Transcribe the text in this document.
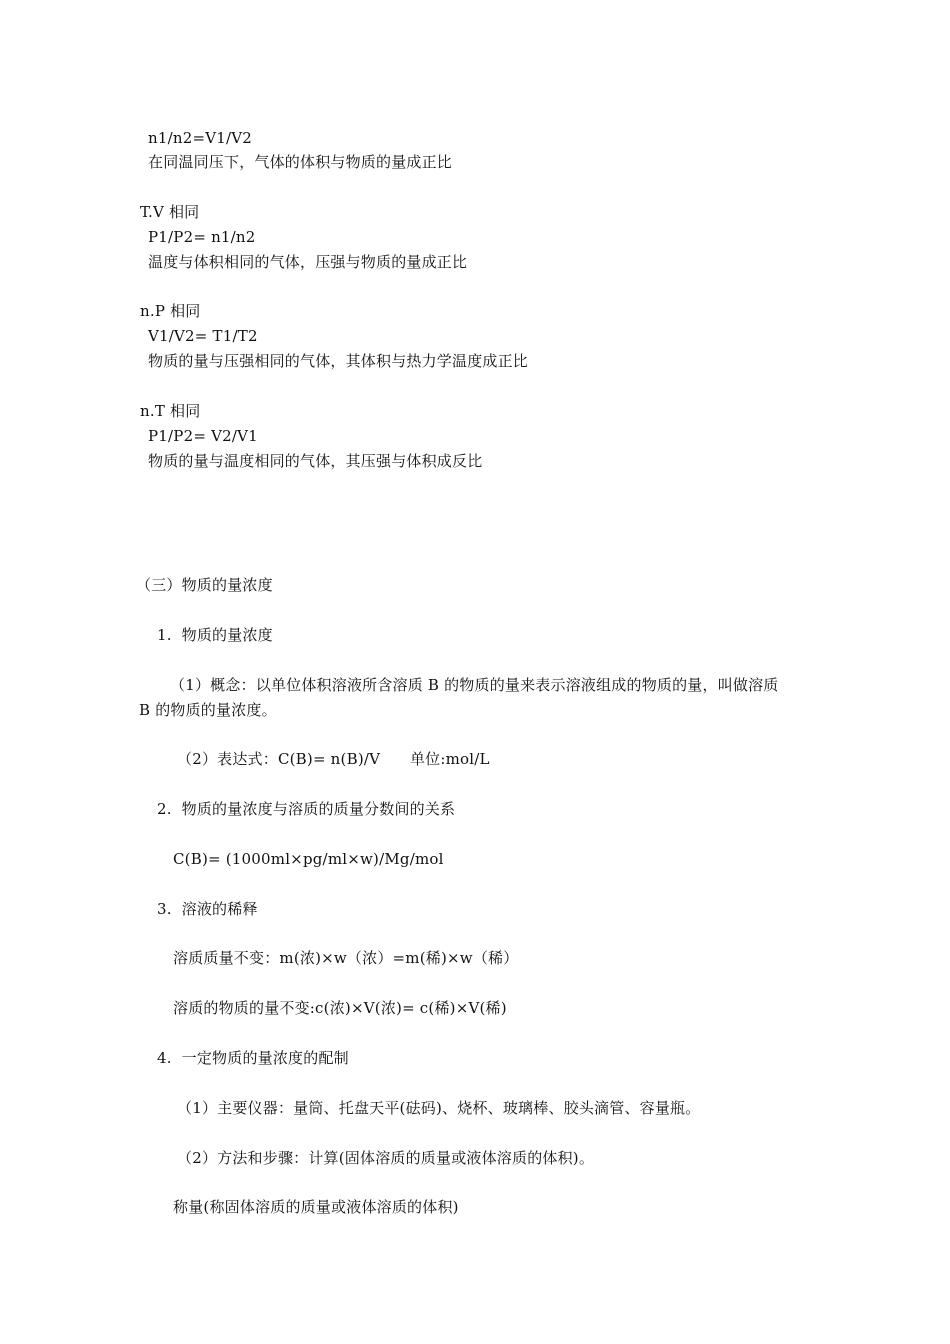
n1/n2=V1/V2
在同温同压下，气体的体积与物质的量成正比
T.V 相同
P1/P2= n1/n2
温度与体积相同的气体，压强与物质的量成正比
n.P 相同
V1/V2= T1/T2
物质的量与压强相同的气体，其体积与热力学温度成正比
n.T 相同
P1/P2= V2/V1
物质的量与温度相同的气体，其压强与体积成反比
（三）物质的量浓度
1.  物质的量浓度
（1）概念：以单位体积溶液所含溶质 B 的物质的量来表示溶液组成的物质的量，叫做溶质
B 的物质的量浓度。
（2）表达式：C(B)= n(B)/V      单位:mol/L
2.  物质的量浓度与溶质的质量分数间的关系
C(B)= (1000ml×pg/ml×w)/Mg/mol
3.  溶液的稀释
溶质质量不变：m(浓)×w（浓）=m(稀)×w（稀）
溶质的物质的量不变:c(浓)×V(浓)= c(稀)×V(稀)
4.  一定物质的量浓度的配制
（1）主要仪器：量筒、托盘天平(砝码)、烧杯、玻璃棒、胶头滴管、容量瓶。
（2）方法和步骤：计算(固体溶质的质量或液体溶质的体积)。
称量(称固体溶质的质量或液体溶质的体积)
